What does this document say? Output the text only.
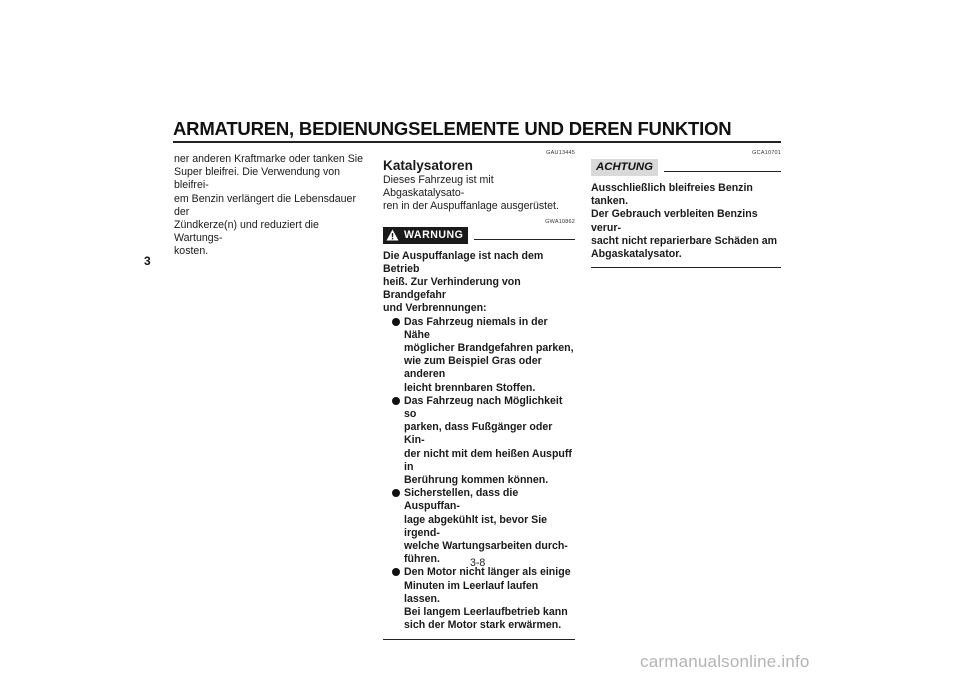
ARMATUREN, BEDIENUNGSELEMENTE UND DEREN FUNKTION
3
ner anderen Kraftmarke oder tanken Sie
Super bleifrei. Die Verwendung von bleifrei-
em Benzin verlängert die Lebensdauer der
Zündkerze(n) und reduziert die Wartungs-
kosten.
GAU13445
Katalysatoren
Dieses Fahrzeug ist mit Abgaskatalysato-
ren in der Auspuffanlage ausgerüstet.
GWA10862
WARNUNG
Die Auspuffanlage ist nach dem Betrieb
heiß. Zur Verhinderung von Brandgefahr
und Verbrennungen:
Das Fahrzeug niemals in der Nähe
möglicher Brandgefahren parken,
wie zum Beispiel Gras oder anderen
leicht brennbaren Stoffen.
Das Fahrzeug nach Möglichkeit so
parken, dass Fußgänger oder Kin-
der nicht mit dem heißen Auspuff in
Berührung kommen können.
Sicherstellen, dass die Auspuffan-
lage abgekühlt ist, bevor Sie irgend-
welche Wartungsarbeiten durch-
führen.
Den Motor nicht länger als einige
Minuten im Leerlauf laufen lassen.
Bei langem Leerlaufbetrieb kann
sich der Motor stark erwärmen.
GCA10701
ACHTUNG
Ausschließlich bleifreies Benzin tanken.
Der Gebrauch verbleiten Benzins verur-
sacht nicht reparierbare Schäden am
Abgaskatalysator.
3-8
carmanualsonline.info
